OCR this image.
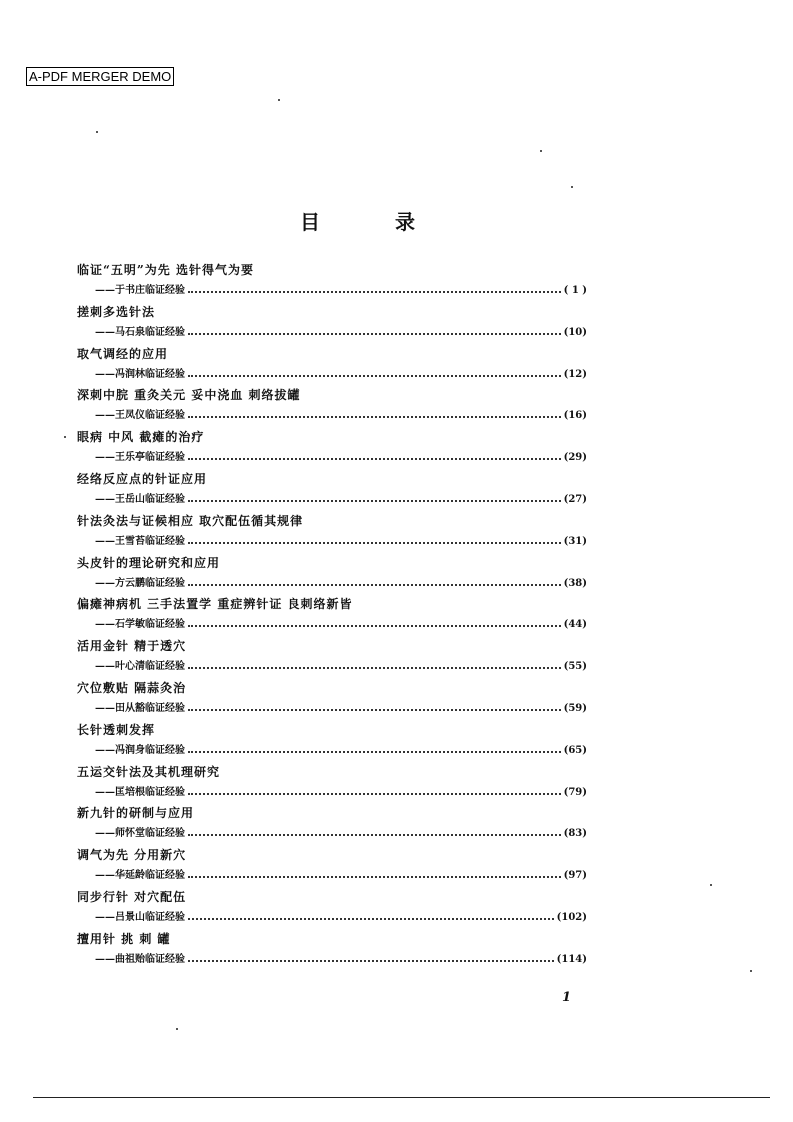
A-PDF MERGER DEMO
目 录
临证“五明”为先 选针得气为要
——于书庄临证经验	( 1 )
搓刺多选针法
——马石泉临证经验	(10)
取气调经的应用
——冯润林临证经验	(12)
深刺中脘 重灸关元 妥中浇血 刺络拔罐
——王凤仪临证经验	(16)
眼病 中风 截瘫的治疗
——王乐亭临证经验	(29)
经络反应点的针证应用
——王岳山临证经验	(27)
针法灸法与证候相应 取穴配伍循其规律
——王雪苔临证经验	(31)
头皮针的理论研究和应用
——方云鹏临证经验	(38)
偏瘫神病机 三手法置学 重症辨针证 良刺络新皆
——石学敏临证经验	(44)
活用金针 精于透穴
——叶心清临证经验	(55)
穴位敷贴 隔蒜灸治
——田从豁临证经验	(59)
长针透刺发挥
——冯润身临证经验	(65)
五运交针法及其机理研究
——匡培根临证经验	(79)
新九针的研制与应用
——师怀堂临证经验	(83)
调气为先 分用新穴
——华延龄临证经验	(97)
同步行针 对穴配伍
——吕景山临证经验	(102)
擅用针 挑 刺 罐
——曲祖贻临证经验	(114)
1
